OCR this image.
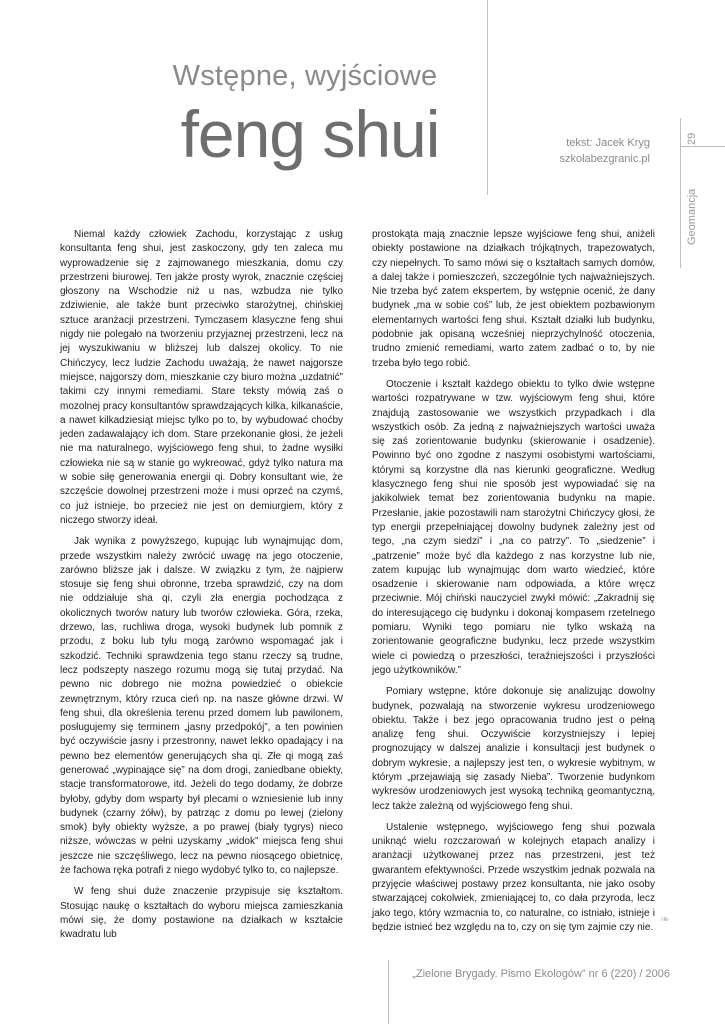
Wstępne, wyjściowe
feng shui	tekst: Jacek Kryg
szkolabezgranic.pl
29
Geomancja

Niemal każdy człowiek Zachodu, korzystając z usług konsultanta feng shui, jest zaskoczony, gdy ten zaleca mu wyprowadzenie się z zajmowanego mieszkania, domu czy przestrzeni biurowej. Ten jakże prosty wyrok, znacznie częściej głoszony na Wschodzie niż u nas, wzbudza nie tylko zdziwienie, ale także bunt przeciwko starożytnej, chińskiej sztuce aranżacji przestrzeni. Tymczasem klasyczne feng shui nigdy nie polegało na tworzeniu przyjaznej przestrzeni, lecz na jej wyszukiwaniu w bliższej lub dalszej okolicy. To nie Chińczycy, lecz ludzie Zachodu uważają, że nawet najgorsze miejsce, najgorszy dom, mieszkanie czy biuro można „uzdatnić” takimi czy innymi remediami. Stare teksty mówią zaś o mozolnej pracy konsultantów sprawdzających kilka, kilkanaście, a nawet kilkadziesiąt miejsc tylko po to, by wybudować choćby jeden zadawalający ich dom. Stare przekonanie głosi, że jeżeli nie ma naturalnego, wyjściowego feng shui, to żadne wysiłki człowieka nie są w stanie go wykreować, gdyż tylko natura ma w sobie siłę generowania energii qi. Dobry konsultant wie, że szczęście dowolnej przestrzeni może i musi oprzeć na czymś, co już istnieje, bo przecież nie jest on demiurgiem, który z niczego stworzy ideał.

Jak wynika z powyższego, kupując lub wynajmując dom, przede wszystkim należy zwrócić uwagę na jego otoczenie, zarówno bliższe jak i dalsze. W związku z tym, że najpierw stosuje się feng shui obronne, trzeba sprawdzić, czy na dom nie oddziałuje sha qi, czyli zła energia pochodząca z okolicznych tworów natury lub tworów człowieka. Góra, rzeka, drzewo, las, ruchliwa droga, wysoki budynek lub pomnik z przodu, z boku lub tyłu mogą zarówno wspomagać jak i szkodzić. Techniki sprawdzenia tego stanu rzeczy są trudne, lecz podszepty naszego rozumu mogą się tutaj przydać. Na pewno nic dobrego nie można powiedzieć o obiekcie zewnętrznym, który rzuca cień np. na nasze główne drzwi. W feng shui, dla określenia terenu przed domem lub pawilonem, posługujemy się terminem „jasny przedpokój”, a ten powinien być oczywiście jasny i przestronny, nawet lekko opadający i na pewno bez elementów generujących sha qi. Złe qi mogą zaś generować „wypinające się” na dom drogi, zaniedbane obiekty, stacje transformatorowe, itd. Jeżeli do tego dodamy, że dobrze byłoby, gdyby dom wsparty był plecami o wzniesienie lub inny budynek (czarny żółw), by patrząc z domu po lewej (zielony smok) były obiekty wyższe, a po prawej (biały tygrys) nieco niższe, wówczas w pełni uzyskamy „widok” miejsca feng shui jeszcze nie szczęśliwego, lecz na pewno niosącego obietnicę, że fachowa ręka potrafi z niego wydobyć tylko to, co najlepsze.

W feng shui duże znaczenie przypisuje się kształtom. Stosując naukę o kształtach do wyboru miejsca zamieszkania mówi się, że domy postawione na działkach w kształcie kwadratu lub

prostokąta mają znacznie lepsze wyjściowe feng shui, aniżeli obiekty postawione na działkach trójkątnych, trapezowatych, czy niepełnych. To samo mówi się o kształtach samych domów, a dalej także i pomieszczeń, szczególnie tych najważniejszych. Nie trzeba być zatem ekspertem, by wstępnie ocenić, że dany budynek „ma w sobie coś” lub, że jest obiektem pozbawionym elementarnych wartości feng shui. Kształt działki lub budynku, podobnie jak opisaną wcześniej nieprzychylność otoczenia, trudno zmienić remediami, warto zatem zadbać o to, by nie trzeba było tego robić.

Otoczenie i kształt każdego obiektu to tylko dwie wstępne wartości rozpatrywane w tzw. wyjściowym feng shui, które znajdują zastosowanie we wszystkich przypadkach i dla wszystkich osób. Za jedną z najważniejszych wartości uważa się zaś zorientowanie budynku (skierowanie i osadzenie). Powinno być ono zgodne z naszymi osobistymi wartościami, którymi są korzystne dla nas kierunki geograficzne. Według klasycznego feng shui nie sposób jest wypowiadać się na jakikolwiek temat bez zorientowania budynku na mapie. Przesłanie, jakie pozostawili nam starożytni Chińczycy głosi, że typ energii przepełniającej dowolny budynek zależny jest od tego, „na czym siedzi” i „na co patrzy”. To „siedzenie” i „patrzenie” może być dla każdego z nas korzystne lub nie, zatem kupując lub wynajmując dom warto wiedzieć, które osadzenie i skierowanie nam odpowiada, a które wręcz przeciwnie. Mój chiński nauczyciel zwykł mówić: „Zakradnij się do interesującego cię budynku i dokonaj kompasem rzetelnego pomiaru. Wyniki tego pomiaru nie tylko wskażą na zorientowanie geograficzne budynku, lecz przede wszystkim wiele ci powiedzą o przeszłości, teraźniejszości i przyszłości jego użytkowników.”

Pomiary wstępne, które dokonuje się analizując dowolny budynek, pozwalają na stworzenie wykresu urodzeniowego obiektu. Także i bez jego opracowania trudno jest o pełną analizę feng shui. Oczywiście korzystniejszy i lepiej prognozujący w dalszej analizie i konsultacji jest budynek o dobrym wykresie, a najlepszy jest ten, o wykresie wybitnym, w którym „przejawiają się zasady Nieba”. Tworzenie budynkom wykresów urodzeniowych jest wysoką techniką geomantyczną, lecz także zależną od wyjściowego feng shui.

Ustalenie wstępnego, wyjściowego feng shui pozwala uniknąć wielu rozczarowań w kolejnych etapach analizy i aranżacji użytkowanej przez nas przestrzeni, jest też gwarantem efektywności. Przede wszystkim jednak pozwala na przyjęcie właściwej postawy przez konsultanta, nie jako osoby stwarzającej cokolwiek, zmieniającej to, co dała przyroda, lecz jako tego, który wzmacnia to, co naturalne, co istniało, istnieje i będzie istnieć bez względu na to, czy on się tym zajmie czy nie.

❧
„Zielone Brygady. Pismo Ekologów” nr 6 (220) / 2006
